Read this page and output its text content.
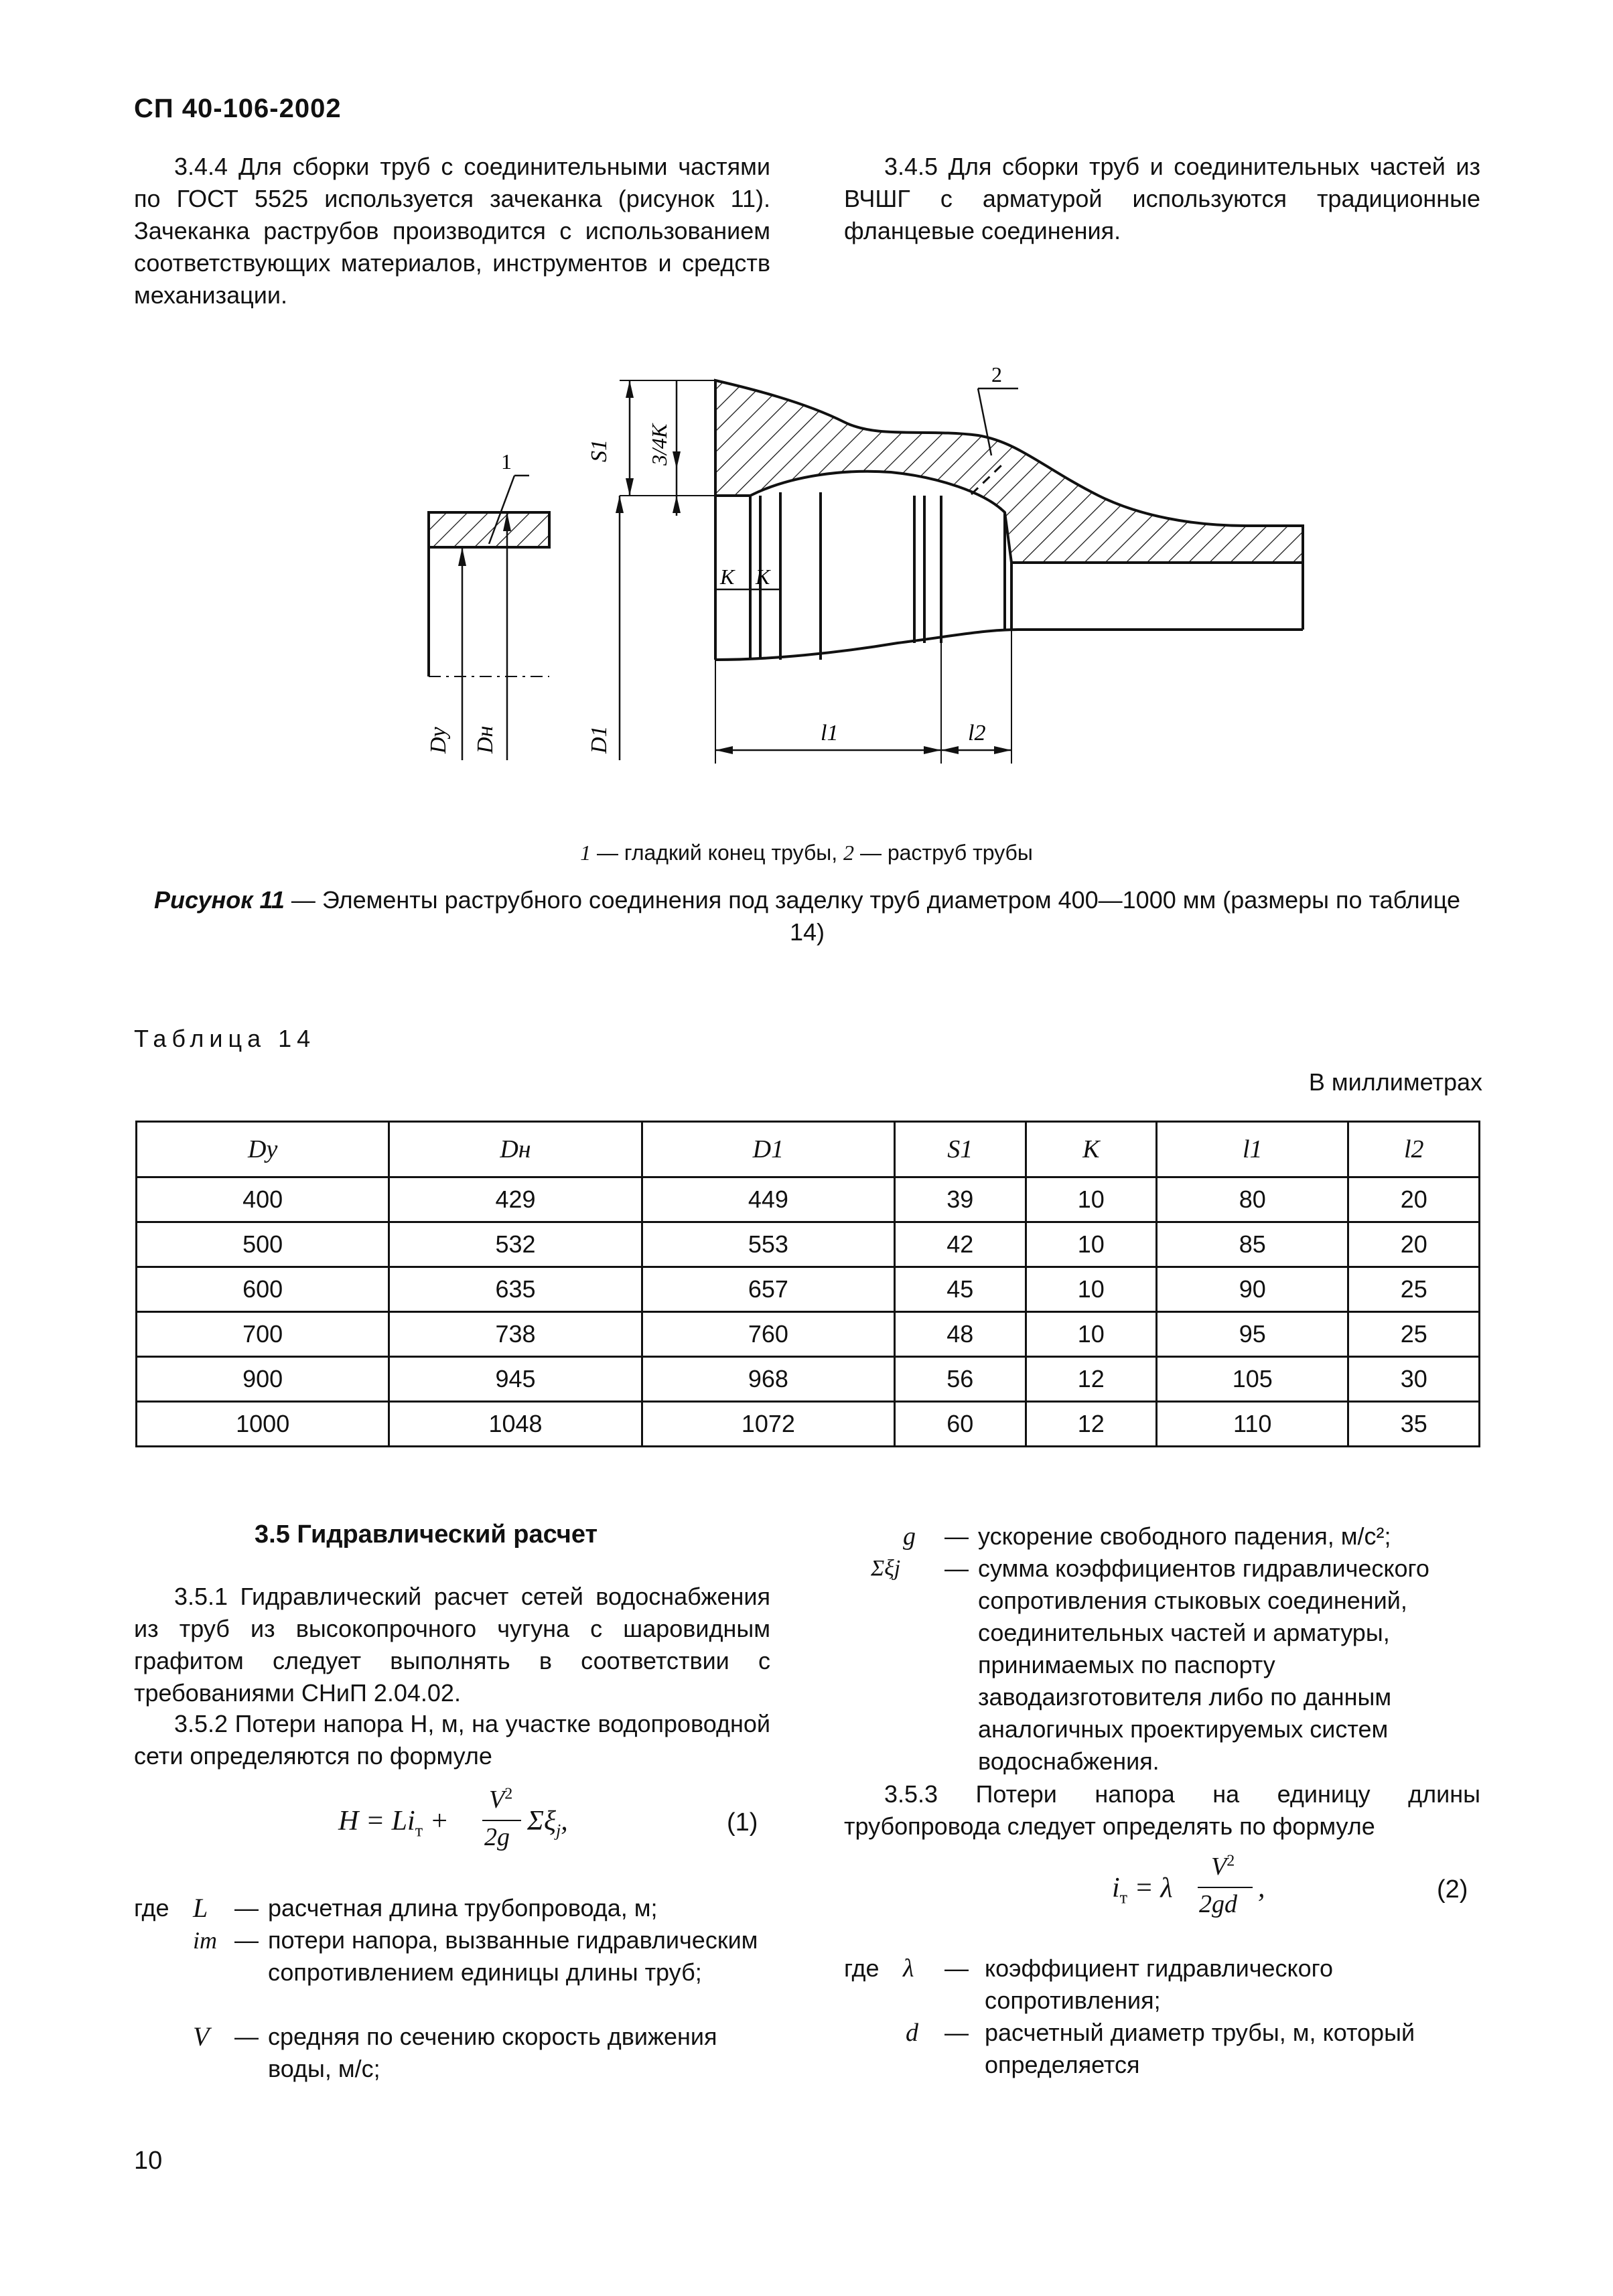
СП 40-106-2002
3.4.4 Для сборки труб с соединительными частями по ГОСТ 5525 используется зачеканка (рисунок 11). Зачеканка раструбов производится с использованием соответствующих материалов, инструментов и средств механизации.
3.4.5 Для сборки труб и соединительных частей из ВЧШГ с арматурой используются традиционные фланцевые соединения.
Dу Dн
1
2
S1 3/4K
K K
D1	l1	l2
1 — гладкий конец трубы, 2 — раструб трубы
Рисунок 11 — Элементы раструбного соединения под заделку труб диаметром 400—1000 мм (размеры по таблице 14)
Таблица 14
В миллиметрах
Dу	Dн	D1	S1	K	l1	l2
400	429	449	39	10	80	20
500	532	553	42	10	85	20
600	635	657	45	10	90	25
700	738	760	48	10	95	25
900	945	968	56	12	105	30
1000	1048	1072	60	12	110	35
3.5 Гидравлический расчет
3.5.1 Гидравлический расчет сетей водоснабжения из труб из высокопрочного чугуна с шаровидным графитом следует выполнять в соответствии с требованиями СНиП 2.04.02.
3.5.2 Потери напора H, м, на участке водопроводной сети определяются по формуле
$H = Li_т$ +
$V^2$
2g
$\Sigma\xi_j$,	(1)
где L — расчетная длина трубопровода, м;
iт — потери напора, вызванные гидравлическим сопротивлением единицы длины труб;
V — средняя по сечению скорость движения воды, м/с;
g — ускорение свободного падения, м/с²;
Σξj — сумма коэффициентов гидравлического сопротивления стыковых соединений, соединительных частей и арматуры, принимаемых по паспорту заводаизготовителя либо по данным аналогичных проектируемых систем водоснабжения.
3.5.3 Потери напора на единицу длины трубопровода следует определять по формуле
$i_т = \lambda$
$V^2$
2gd
,	(2)
где λ — коэффициент гидравлического сопротивления;
d — расчетный диаметр трубы, м, который определяется
10
